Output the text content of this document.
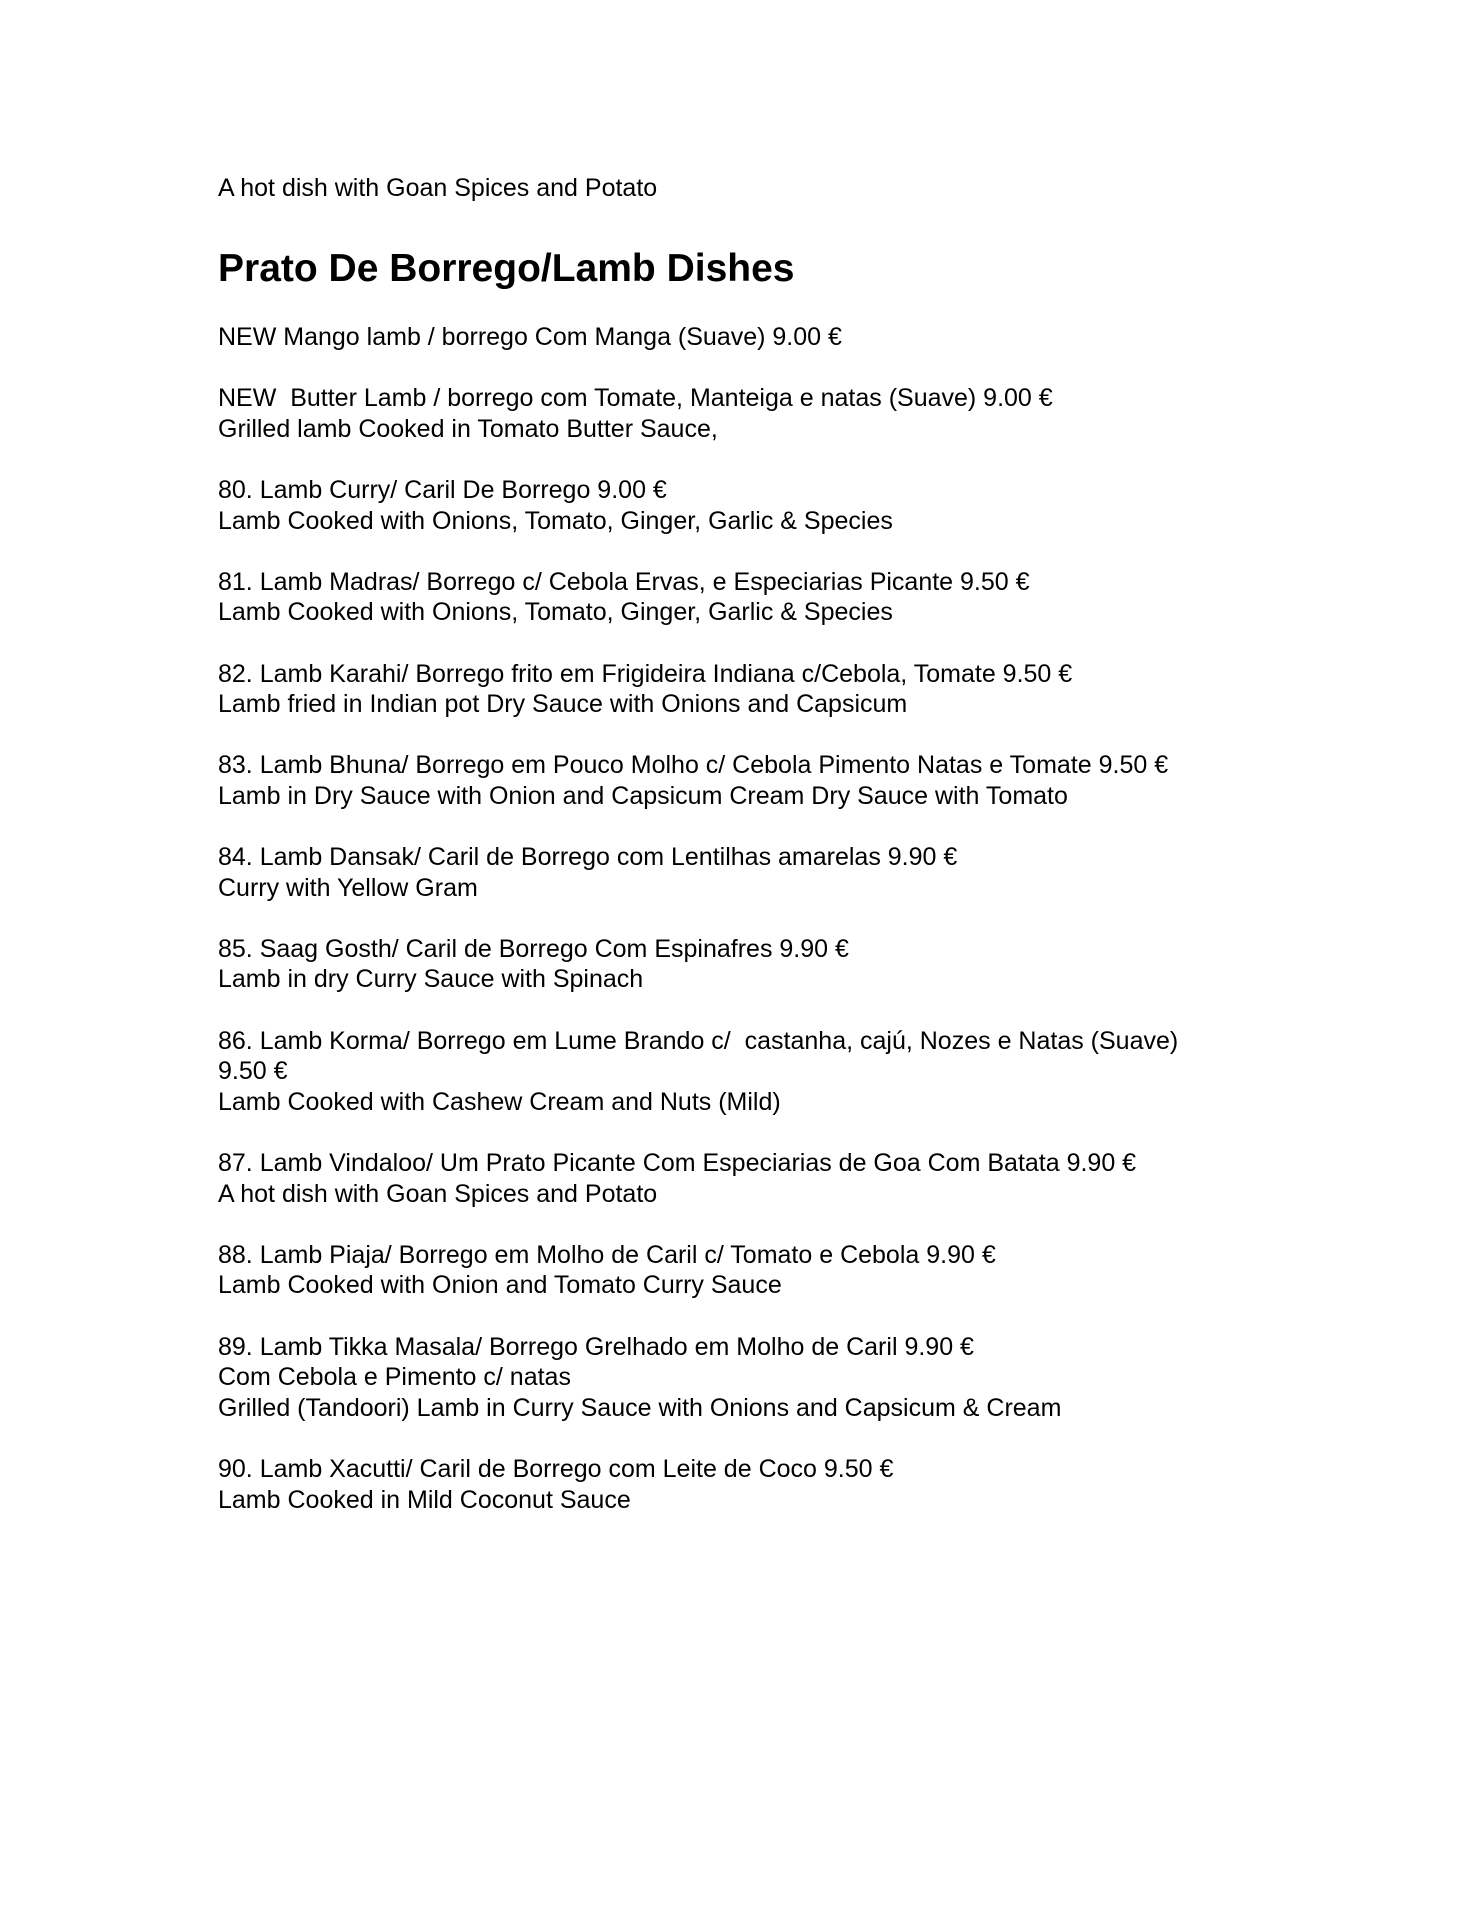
A hot dish with Goan Spices and Potato
Prato De Borrego/Lamb Dishes
NEW Mango lamb / borrego Com Manga (Suave) 9.00 €
NEW  Butter Lamb / borrego com Tomate, Manteiga e natas (Suave) 9.00 €
Grilled lamb Cooked in Tomato Butter Sauce,
80. Lamb Curry/ Caril De Borrego 9.00 €
Lamb Cooked with Onions, Tomato, Ginger, Garlic & Species
81. Lamb Madras/ Borrego c/ Cebola Ervas, e Especiarias Picante 9.50 €
Lamb Cooked with Onions, Tomato, Ginger, Garlic & Species
82. Lamb Karahi/ Borrego frito em Frigideira Indiana c/Cebola, Tomate 9.50 €
Lamb fried in Indian pot Dry Sauce with Onions and Capsicum
83. Lamb Bhuna/ Borrego em Pouco Molho c/ Cebola Pimento Natas e Tomate 9.50 €
Lamb in Dry Sauce with Onion and Capsicum Cream Dry Sauce with Tomato
84. Lamb Dansak/ Caril de Borrego com Lentilhas amarelas 9.90 €
Curry with Yellow Gram
85. Saag Gosth/ Caril de Borrego Com Espinafres 9.90 €
Lamb in dry Curry Sauce with Spinach
86. Lamb Korma/ Borrego em Lume Brando c/  castanha, cajú, Nozes e Natas (Suave)
9.50 €
Lamb Cooked with Cashew Cream and Nuts (Mild)
87. Lamb Vindaloo/ Um Prato Picante Com Especiarias de Goa Com Batata 9.90 €
A hot dish with Goan Spices and Potato
88. Lamb Piaja/ Borrego em Molho de Caril c/ Tomato e Cebola 9.90 €
Lamb Cooked with Onion and Tomato Curry Sauce
89. Lamb Tikka Masala/ Borrego Grelhado em Molho de Caril 9.90 €
Com Cebola e Pimento c/ natas
Grilled (Tandoori) Lamb in Curry Sauce with Onions and Capsicum & Cream
90. Lamb Xacutti/ Caril de Borrego com Leite de Coco 9.50 €
Lamb Cooked in Mild Coconut Sauce
